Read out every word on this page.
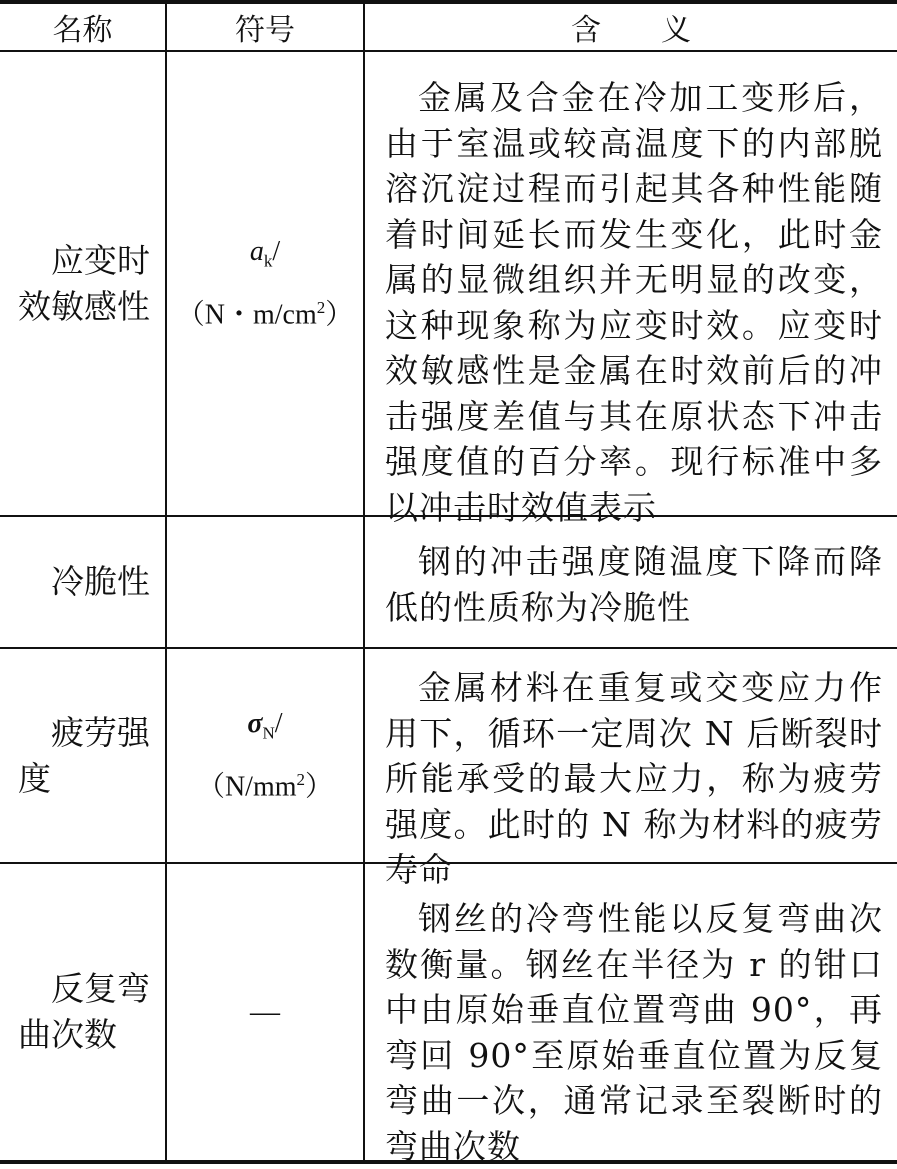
名称	符号	含　　义
应变时
效敏感性
$a_k/$
（N・$m/cm^2$）

金属及合金在冷加工变形后，由于室温或较高温度下的内部脱溶沉淀过程而引起其各种性能随着时间延长而发生变化，此时金属的显微组织并无明显的改变，这种现象称为应变时效。应变时效敏感性是金属在时效前后的冲击强度差值与其在原状态下冲击强度值的百分率。现行标准中多以冲击时效值表示

冷脆性

钢的冲击强度随温度下降而降低的性质称为冷脆性

疲劳强
度
$\sigma_N/$
$(N/mm^2)$

金属材料在重复或交变应力作用下，循环一定周次 N 后断裂时所能承受的最大应力，称为疲劳强度。此时的 N 称为材料的疲劳寿命

反复弯
曲次数
—

钢丝的冷弯性能以反复弯曲次数衡量。钢丝在半径为 r 的钳口中由原始垂直位置弯曲 90°，再弯回 90°至原始垂直位置为反复弯曲一次，通常记录至裂断时的弯曲次数
